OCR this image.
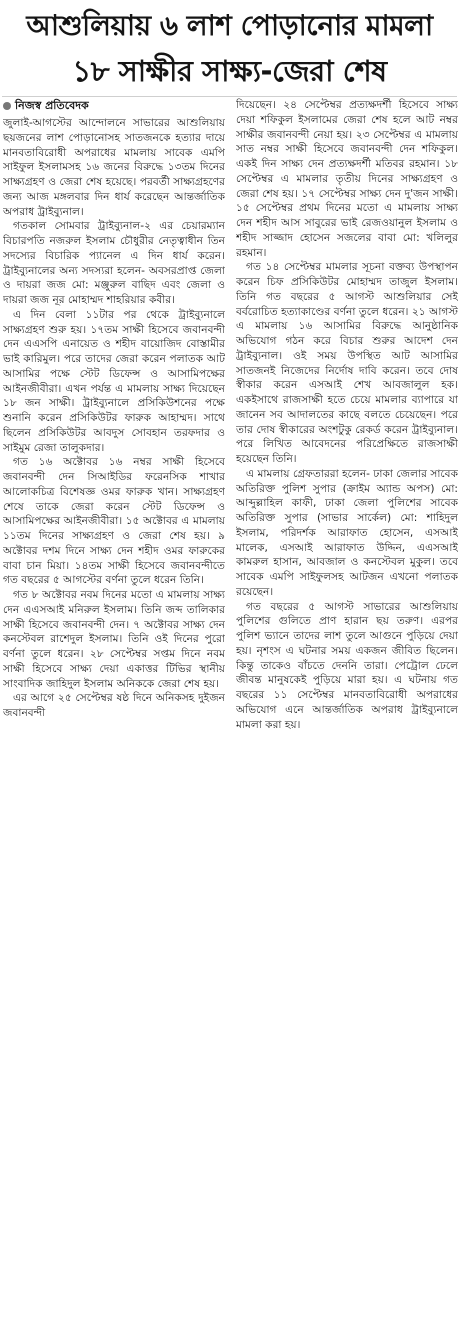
আশুলিয়ায় ৬ লাশ পোড়ানোর মামলা
১৮ সাক্ষীর সাক্ষ্য-জেরা শেষ
নিজস্ব প্রতিবেদক

জুলাই-আগস্টের আন্দোলনে সাভারের আশুলিয়ায় ছয়জনের লাশ পোড়ানোসহ সাতজনকে হত্যার দায়ে মানবতাবিরোধী অপরাধের মামলায় সাবেক এমপি সাইফুল ইসলামসহ ১৬ জনের বিরুদ্ধে ১৩তম দিনের সাক্ষ্যগ্রহণ ও জেরা শেষ হয়েছে। পরবর্তী সাক্ষ্যগ্রহণের জন্য আজ মঙ্গলবার দিন ধার্য করেছেন আন্তর্জাতিক অপরাধ ট্রাইব্যুনাল।

গতকাল সোমবার ট্রাইব্যুনাল-২ এর চেয়ারম্যান বিচারপতি নজরুল ইসলাম চৌধুরীর নেতৃত্বাধীন তিন সদস্যের বিচারিক প্যানেল এ দিন ধার্য করেন। ট্রাইব্যুনালের অন্য সদস্যরা হলেন- অবসরপ্রাপ্ত জেলা ও দায়রা জজ মো: মঞ্জুরুল বাছিদ এবং জেলা ও দায়রা জজ নূর মোহাম্মদ শাহরিয়ার কবীর।

এ দিন বেলা ১১টার পর থেকে ট্রাইব্যুনালে সাক্ষ্যগ্রহণ শুরু হয়। ১৭তম সাক্ষী হিসেবে জবানবন্দী দেন এএসপি এনায়েত ও শহীদ বায়োজিদ বোস্তামীর ভাই কারিমুল। পরে তাদের জেরা করেন পলাতক আট আসামির পক্ষে স্টেট ডিফেন্স ও আসামিপক্ষের আইনজীবীরা। এখন পর্যন্ত এ মামলায় সাক্ষ্য দিয়েছেন ১৮ জন সাক্ষী। ট্রাইব্যুনালে প্রসিকিউশনের পক্ষে শুনানি করেন প্রসিকিউটর ফারুক আহাম্মদ। সাথে ছিলেন প্রসিকিউটর আবদুস সোবহান তরফদার ও সাইমুম রেজা তালুকদার।

গত ১৬ অক্টোবর ১৬ নম্বর সাক্ষী হিসেবে জবানবন্দী দেন সিআইডির ফরেনসিক শাখার আলোকচিত্র বিশেষজ্ঞ ওমর ফারুক খান। সাক্ষ্যগ্রহণ শেষে তাকে জেরা করেন স্টেট ডিফেন্স ও আসামিপক্ষের আইনজীবীরা। ১৫ অক্টোবর এ মামলায় ১১তম দিনের সাক্ষ্যগ্রহণ ও জেরা শেষ হয়। ৯ অক্টোবর দশম দিনে সাক্ষ্য দেন শহীদ ওমর ফারুকের বাবা চান মিয়া। ১৪তম সাক্ষী হিসেবে জবানবন্দীতে গত বছরের ৫ আগস্টের বর্ণনা তুলে ধরেন তিনি।

গত ৮ অক্টোবর নবম দিনের মতো এ মামলায় সাক্ষ্য দেন এএসআই মনিরুল ইসলাম। তিনি জব্দ তালিকার সাক্ষী হিসেবে জবানবন্দী দেন। ৭ অক্টোবর সাক্ষ্য দেন কনস্টেবল রাশেদুল ইসলাম। তিনি ওই দিনের পুরো বর্ণনা তুলে ধরেন। ২৮ সেপ্টেম্বর সপ্তম দিনে নবম সাক্ষী হিসেবে সাক্ষ্য দেয়া একাত্তর টিভির স্থানীয় সাংবাদিক জাহিদুল ইসলাম অনিককে জেরা শেষ হয়।

এর আগে ২৫ সেপ্টেম্বর ষষ্ঠ দিনে অনিকসহ দুইজন জবানবন্দী

দিয়েছেন। ২৪ সেপ্টেম্বর প্রত্যক্ষদর্শী হিসেবে সাক্ষ্য দেয়া শফিকুল ইসলামের জেরা শেষ হলে আট নম্বর সাক্ষীর জবানবন্দী নেয়া হয়। ২৩ সেপ্টেম্বর এ মামলায় সাত নম্বর সাক্ষী হিসেবে জবানবন্দী দেন শফিকুল। একই দিন সাক্ষ্য দেন প্রত্যক্ষদর্শী মতিবর রহমান। ১৮ সেপ্টেম্বর এ মামলার তৃতীয় দিনের সাক্ষ্যগ্রহণ ও জেরা শেষ হয়। ১৭ সেপ্টেম্বর সাক্ষ্য দেন দু'জন সাক্ষী। ১৫ সেপ্টেম্বর প্রথম দিনের মতো এ মামলায় সাক্ষ্য দেন শহীদ আস সাবুরের ভাই রেজওয়ানুল ইসলাম ও শহীদ সাজ্জাদ হোসেন সজলের বাবা মো: খলিলুর রহমান।

গত ১৪ সেপ্টেম্বর মামলার সূচনা বক্তব্য উপস্থাপন করেন চিফ প্রসিকিউটর মোহাম্মদ তাজুল ইসলাম। তিনি গত বছরের ৫ আগস্ট আশুলিয়ার সেই বর্বরোচিত হত্যাকাণ্ডের বর্ণনা তুলে ধরেন। ২১ আগস্ট এ মামলায় ১৬ আসামির বিরুদ্ধে আনুষ্ঠানিক অভিযোগ গঠন করে বিচার শুরুর আদেশ দেন ট্রাইব্যুনাল। ওই সময় উপস্থিত আট আসামির সাতজনই নিজেদের নির্দোষ দাবি করেন। তবে দোষ স্বীকার করেন এসআই শেখ আবজালুল হক। একইসাথে রাজসাক্ষী হতে চেয়ে মামলার ব্যাপারে যা জানেন সব আদালতের কাছে বলতে চেয়েছেন। পরে তার দোষ স্বীকারের অংশটুকু রেকর্ড করেন ট্রাইব্যুনাল। পরে লিখিত আবেদনের পরিপ্রেক্ষিতে রাজসাক্ষী হয়েছেন তিনি।

এ মামলায় গ্রেফতাররা হলেন- ঢাকা জেলার সাবেক অতিরিক্ত পুলিশ সুপার (ক্রাইম অ্যান্ড অপস) মো: আব্দুল্লাহিল কাফী, ঢাকা জেলা পুলিশের সাবেক অতিরিক্ত সুপার (সাভার সার্কেল) মো: শাহিদুল ইসলাম, পরিদর্শক আরাফাত হোসেন, এসআই মালেক, এসআই আরাফাত উদ্দিন, এএসআই কামরুল হাসান, আবজাল ও কনস্টেবল মুকুল। তবে সাবেক এমপি সাইফুলসহ আটজন এখনো পলাতক রয়েছেন।

গত বছরের ৫ আগস্ট সাভারের আশুলিয়ায় পুলিশের গুলিতে প্রাণ হারান ছয় তরুণ। এরপর পুলিশ ভ্যানে তাদের লাশ তুলে আগুনে পুড়িয়ে দেয়া হয়। নৃশংস এ ঘটনার সময় একজন জীবিত ছিলেন। কিন্তু তাকেও বাঁচতে দেননি তারা। পেট্রোল ঢেলে জীবন্ত মানুষকেই পুড়িয়ে মারা হয়। এ ঘটনায় গত বছরের ১১ সেপ্টেম্বর মানবতাবিরোধী অপরাধের অভিযোগ এনে আন্তর্জাতিক অপরাধ ট্রাইব্যুনালে মামলা করা হয়।
